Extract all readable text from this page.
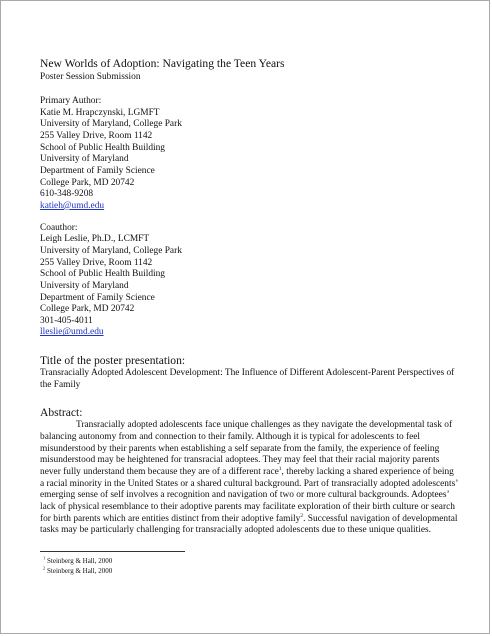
New Worlds of Adoption: Navigating the Teen Years
Poster Session Submission
Primary Author:
Katie M. Hrapczynski, LGMFT
University of Maryland, College Park
255 Valley Drive, Room 1142
School of Public Health Building
University of Maryland
Department of Family Science
College Park, MD 20742
610-348-9208
katieh@umd.edu
Coauthor:
Leigh Leslie, Ph.D., LCMFT
University of Maryland, College Park
255 Valley Drive, Room 1142
School of Public Health Building
University of Maryland
Department of Family Science
College Park, MD 20742
301-405-4011
lleslie@umd.edu
Title of the poster presentation:
Transracially Adopted Adolescent Development: The Influence of Different Adolescent-Parent Perspectives of the Family
Abstract:
Transracially adopted adolescents face unique challenges as they navigate the developmental task of balancing autonomy from and connection to their family. Although it is typical for adolescents to feel misunderstood by their parents when establishing a self separate from the family, the experience of feeling misunderstood may be heightened for transracial adoptees. They may feel that their racial majority parents never fully understand them because they are of a different race$^1$, thereby lacking a shared experience of being a racial minority in the United States or a shared cultural background. Part of transracially adopted adolescents’ emerging sense of self involves a recognition and navigation of two or more cultural backgrounds. Adoptees’ lack of physical resemblance to their adoptive parents may facilitate exploration of their birth culture or search for birth parents which are entities distinct from their adoptive family$^2$. Successful navigation of developmental tasks may be particularly challenging for transracially adopted adolescents due to these unique qualities.
$^1$ Steinberg & Hall, 2000
$^2$ Steinberg & Hall, 2000
